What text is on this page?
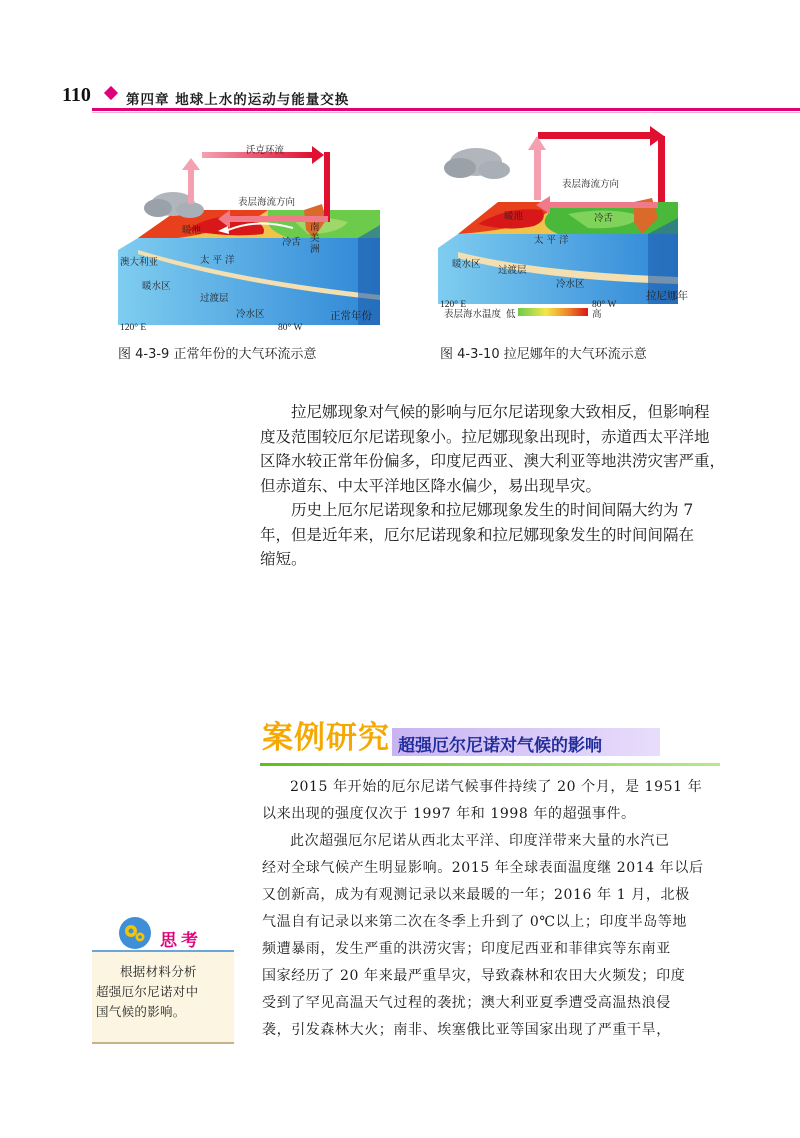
110	第四章 地球上水的运动与能量交换
沃克环流
表层海流方向
暖池
冷舌
南美洲
澳大利亚	太 平 洋
暖水区
过渡层
冷水区
120° E	80° W
正常年份
图 4-3-9 正常年份的大气环流示意
表层海流方向
暖池	冷舌
太 平 洋
暖水区
过渡层
冷水区
120° E	80° W
拉尼娜年
表层海水温度 低	高
图 4-3-10 拉尼娜年的大气环流示意
拉尼娜现象对气候的影响与厄尔尼诺现象大致相反，但影响程
度及范围较厄尔尼诺现象小。拉尼娜现象出现时，赤道西太平洋地
区降水较正常年份偏多，印度尼西亚、澳大利亚等地洪涝灾害严重，
但赤道东、中太平洋地区降水偏少，易出现旱灾。
历史上厄尔尼诺现象和拉尼娜现象发生的时间间隔大约为 7
年，但是近年来，厄尔尼诺现象和拉尼娜现象发生的时间间隔在
缩短。
案例研究 超强厄尔尼诺对气候的影响
2015 年开始的厄尔尼诺气候事件持续了 20 个月，是 1951 年
以来出现的强度仅次于 1997 年和 1998 年的超强事件。
此次超强厄尔尼诺从西北太平洋、印度洋带来大量的水汽已
经对全球气候产生明显影响。2015 年全球表面温度继 2014 年以后
又创新高，成为有观测记录以来最暖的一年；2016 年 1 月，北极
气温自有记录以来第二次在冬季上升到了 0℃以上；印度半岛等地
频遭暴雨，发生严重的洪涝灾害；印度尼西亚和菲律宾等东南亚
国家经历了 20 年来最严重旱灾，导致森林和农田大火频发；印度
受到了罕见高温天气过程的袭扰；澳大利亚夏季遭受高温热浪侵
袭，引发森林大火；南非、埃塞俄比亚等国家出现了严重干旱，
思考
根据材料分析
超强厄尔尼诺对中
国气候的影响。
